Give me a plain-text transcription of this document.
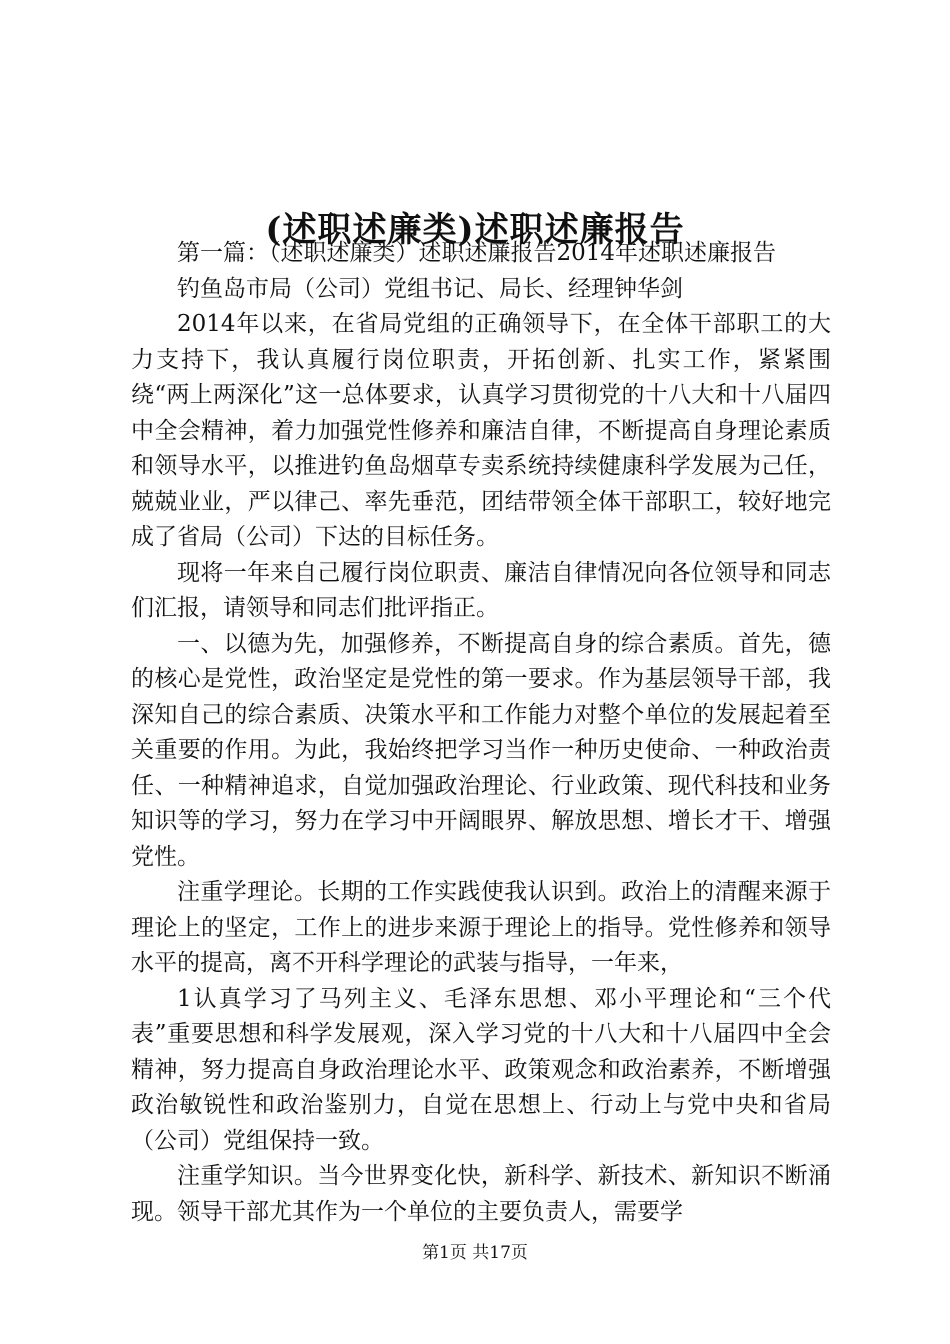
(述职述廉类)述职述廉报告

第一篇：（述职述廉类）述职述廉报告2014年述职述廉报告

钓鱼岛市局（公司）党组书记、局长、经理钟华剑

2014年以来，在省局党组的正确领导下，在全体干部职工的大力支持下，我认真履行岗位职责，开拓创新、扎实工作，紧紧围绕“两上两深化”这一总体要求，认真学习贯彻党的十八大和十八届四中全会精神，着力加强党性修养和廉洁自律，不断提高自身理论素质和领导水平，以推进钓鱼岛烟草专卖系统持续健康科学发展为己任，兢兢业业，严以律己、率先垂范，团结带领全体干部职工，较好地完成了省局（公司）下达的目标任务。

现将一年来自己履行岗位职责、廉洁自律情况向各位领导和同志们汇报，请领导和同志们批评指正。

一、以德为先，加强修养，不断提高自身的综合素质。首先，德的核心是党性，政治坚定是党性的第一要求。作为基层领导干部，我深知自己的综合素质、决策水平和工作能力对整个单位的发展起着至关重要的作用。为此，我始终把学习当作一种历史使命、一种政治责任、一种精神追求，自觉加强政治理论、行业政策、现代科技和业务知识等的学习，努力在学习中开阔眼界、解放思想、增长才干、增强党性。

注重学理论。长期的工作实践使我认识到。政治上的清醒来源于理论上的坚定，工作上的进步来源于理论上的指导。党性修养和领导水平的提高，离不开科学理论的武装与指导，一年来，

1认真学习了马列主义、毛泽东思想、邓小平理论和“三个代表”重要思想和科学发展观，深入学习党的十八大和十八届四中全会精神，努力提高自身政治理论水平、政策观念和政治素养，不断增强政治敏锐性和政治鉴别力，自觉在思想上、行动上与党中央和省局（公司）党组保持一致。

注重学知识。当今世界变化快，新科学、新技术、新知识不断涌现。领导干部尤其作为一个单位的主要负责人，需要学

第1页 共17页
